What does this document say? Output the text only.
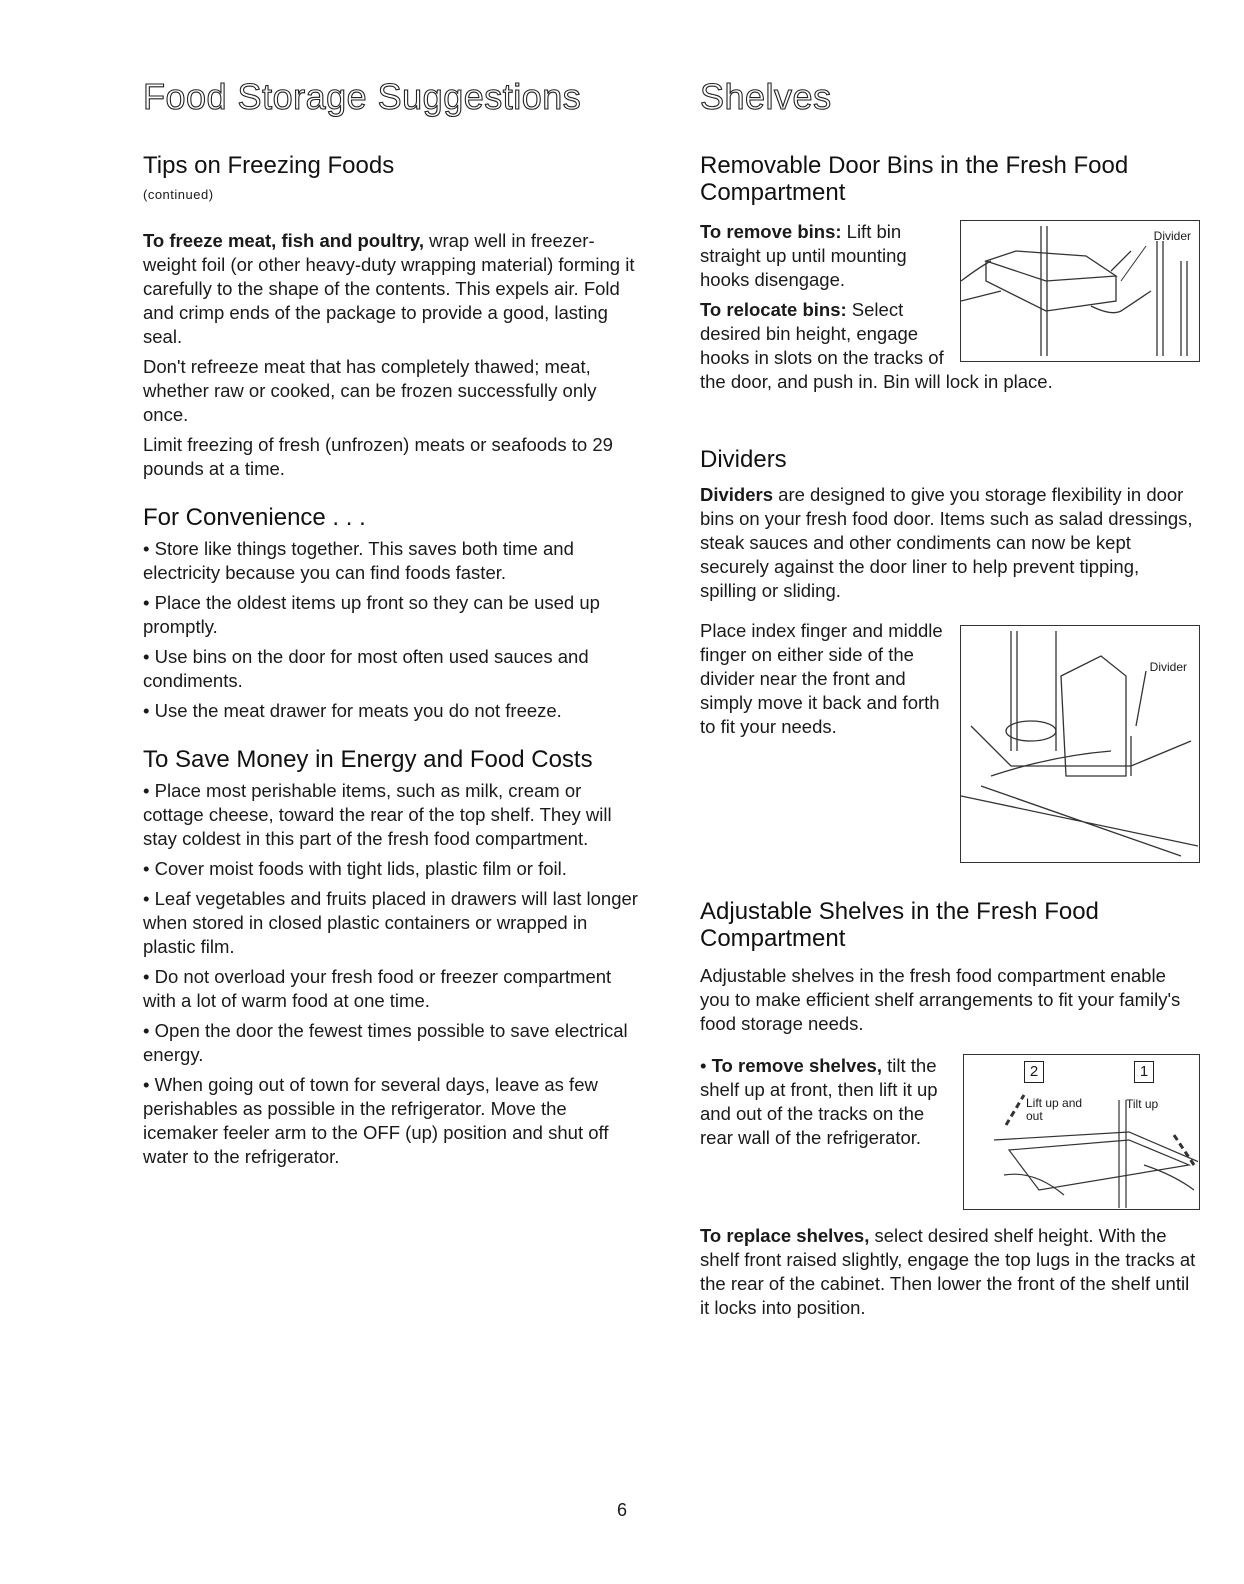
Food Storage Suggestions
Tips on Freezing Foods

(continued)

To freeze meat, fish and poultry, wrap well in freezer-weight foil (or other heavy-duty wrapping material) forming it carefully to the shape of the contents. This expels air. Fold and crimp ends of the package to provide a good, lasting seal.

Don't refreeze meat that has completely thawed; meat, whether raw or cooked, can be frozen successfully only once.

Limit freezing of fresh (unfrozen) meats or seafoods to 29 pounds at a time.

For Convenience . . .

• Store like things together. This saves both time and electricity because you can find foods faster.

• Place the oldest items up front so they can be used up promptly.

• Use bins on the door for most often used sauces and condiments.

• Use the meat drawer for meats you do not freeze.

To Save Money in Energy and Food Costs

• Place most perishable items, such as milk, cream or cottage cheese, toward the rear of the top shelf. They will stay coldest in this part of the fresh food compartment.

• Cover moist foods with tight lids, plastic film or foil.

• Leaf vegetables and fruits placed in drawers will last longer when stored in closed plastic containers or wrapped in plastic film.

• Do not overload your fresh food or freezer compartment with a lot of warm food at one time.

• Open the door the fewest times possible to save electrical energy.

• When going out of town for several days, leave as few perishables as possible in the refrigerator. Move the icemaker feeler arm to the OFF (up) position and shut off water to the refrigerator.

Shelves
Removable Door Bins in the Fresh Food Compartment
Divider

To remove bins: Lift bin straight up until mounting hooks disengage.

To relocate bins: Select desired bin height, engage hooks in slots on the tracks of the door, and push in. Bin will lock in place.

Dividers

Dividers are designed to give you storage flexibility in door bins on your fresh food door. Items such as salad dressings, steak sauces and other condiments can now be kept securely against the door liner to help prevent tipping, spilling or sliding.

Divider

Place index finger and middle finger on either side of the divider near the front and simply move it back and forth to fit your needs.

Adjustable Shelves in the Fresh Food Compartment

Adjustable shelves in the fresh food compartment enable you to make efficient shelf arrangements to fit your family's food storage needs.

2
Lift up and out
1
Tilt up

• To remove shelves, tilt the shelf up at front, then lift it up and out of the tracks on the rear wall of the refrigerator.

To replace shelves, select desired shelf height. With the shelf front raised slightly, engage the top lugs in the tracks at the rear of the cabinet. Then lower the front of the shelf until it locks into position.

6
